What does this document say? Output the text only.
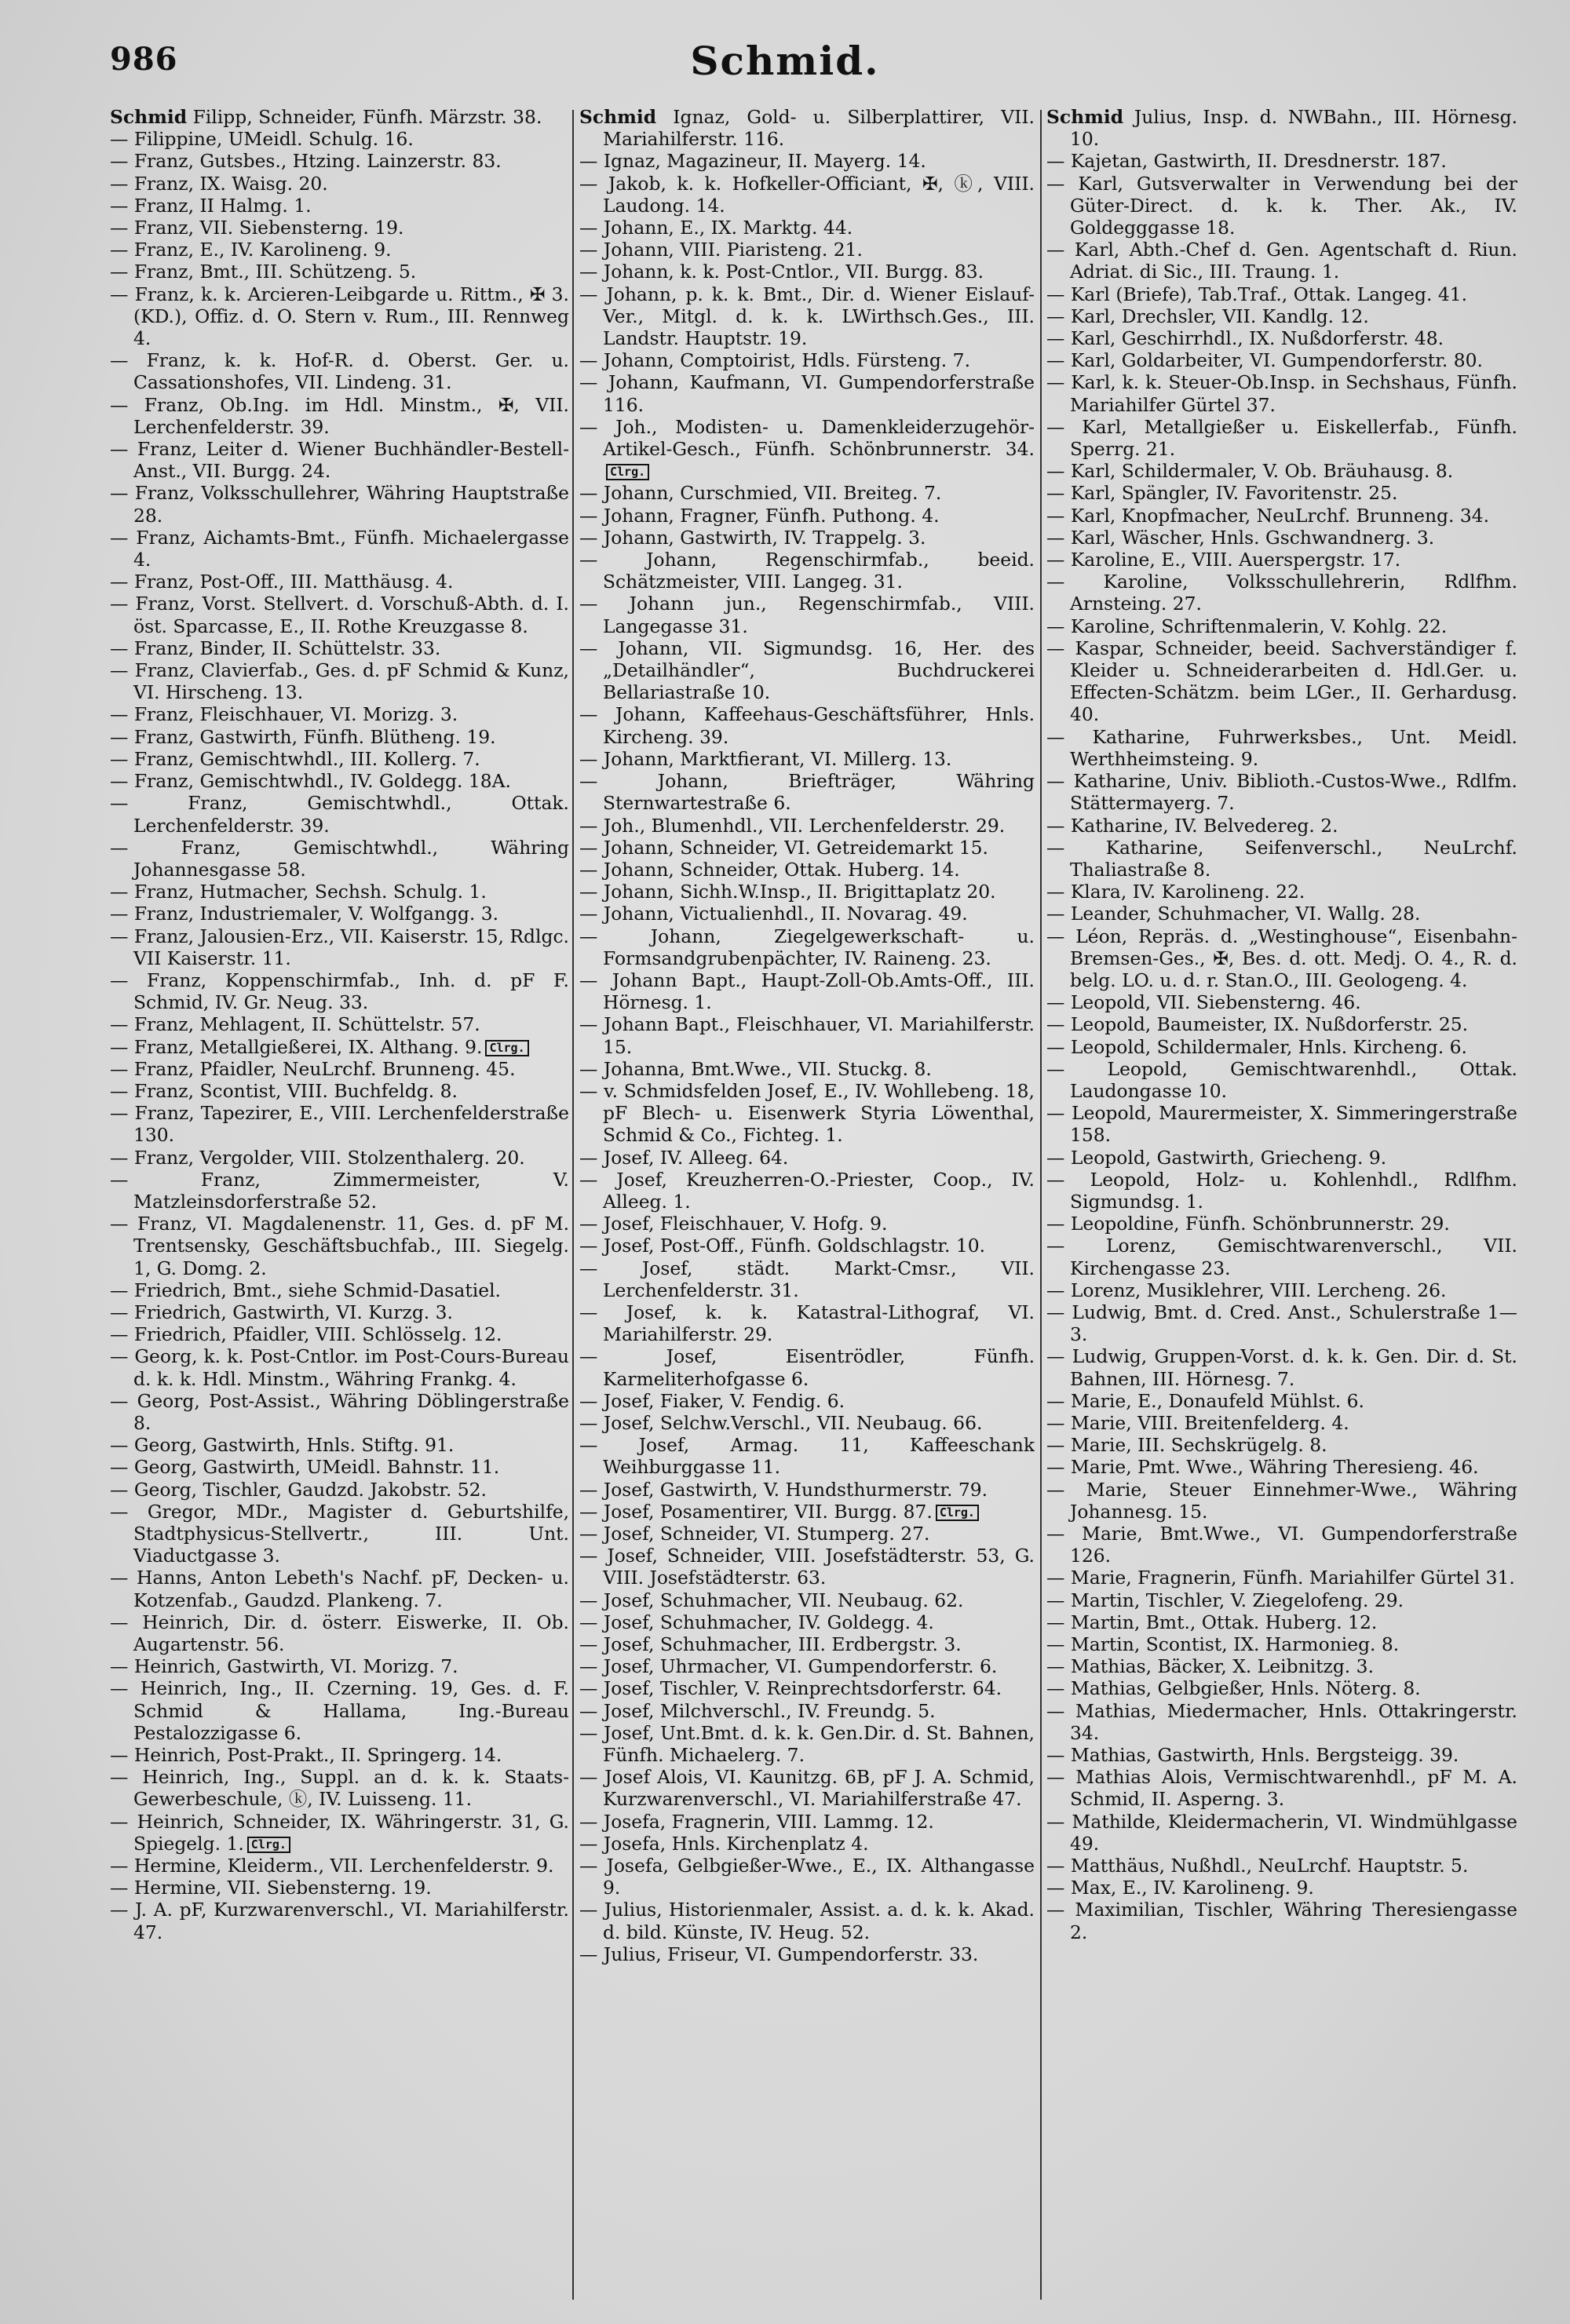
986	Schmid.

Schmid Filipp, Schneider, Fünfh. Märzstr. 38.

— Filippine, UMeidl. Schulg. 16.

— Franz, Gutsbes., Htzing. Lainzerstr. 83.

— Franz, IX. Waisg. 20.

— Franz, II Halmg. 1.

— Franz, VII. Siebensterng. 19.

— Franz, E., IV. Karolineng. 9.

— Franz, Bmt., III. Schützeng. 5.

— Franz, k. k. Arcieren-Leibgarde u. Rittm., ✠ 3. (KD.), Offiz. d. O. Stern v. Rum., III. Rennweg 4.

— Franz, k. k. Hof-R. d. Oberst. Ger. u. Cassationshofes, VII. Lindeng. 31.

— Franz, Ob.Ing. im Hdl. Minstm., ✠, VII. Lerchenfelderstr. 39.

— Franz, Leiter d. Wiener Buchhändler-Bestell-Anst., VII. Burgg. 24.

— Franz, Volksschullehrer, Währing Hauptstraße 28.

— Franz, Aichamts-Bmt., Fünfh. Michaelergasse 4.

— Franz, Post-Off., III. Matthäusg. 4.

— Franz, Vorst. Stellvert. d. Vorschuß-Abth. d. I. öst. Sparcasse, E., II. Rothe Kreuzgasse 8.

— Franz, Binder, II. Schüttelstr. 33.

— Franz, Clavierfab., Ges. d. pF Schmid & Kunz, VI. Hirscheng. 13.

— Franz, Fleischhauer, VI. Morizg. 3.

— Franz, Gastwirth, Fünfh. Blütheng. 19.

— Franz, Gemischtwhdl., III. Kollerg. 7.

— Franz, Gemischtwhdl., IV. Goldegg. 18A.

— Franz, Gemischtwhdl., Ottak. Lerchenfelderstr. 39.

— Franz, Gemischtwhdl., Währing Johannesgasse 58.

— Franz, Hutmacher, Sechsh. Schulg. 1.

— Franz, Industriemaler, V. Wolfgangg. 3.

— Franz, Jalousien-Erz., VII. Kaiserstr. 15, Rdlgc. VII Kaiserstr. 11.

— Franz, Koppenschirmfab., Inh. d. pF F. Schmid, IV. Gr. Neug. 33.

— Franz, Mehlagent, II. Schüttelstr. 57.

— Franz, Metallgießerei, IX. Althang. 9. Clrg.

— Franz, Pfaidler, NeuLrchf. Brunneng. 45.

— Franz, Scontist, VIII. Buchfeldg. 8.

— Franz, Tapezirer, E., VIII. Lerchenfelderstraße 130.

— Franz, Vergolder, VIII. Stolzenthalerg. 20.

— Franz, Zimmermeister, V. Matzleinsdorferstraße 52.

— Franz, VI. Magdalenenstr. 11, Ges. d. pF M. Trentsensky, Geschäftsbuchfab., III. Siegelg. 1, G. Domg. 2.

— Friedrich, Bmt., siehe Schmid-Dasatiel.

— Friedrich, Gastwirth, VI. Kurzg. 3.

— Friedrich, Pfaidler, VIII. Schlösselg. 12.

— Georg, k. k. Post-Cntlor. im Post-Cours-Bureau d. k. k. Hdl. Minstm., Währing Frankg. 4.

— Georg, Post-Assist., Währing Döblingerstraße 8.

— Georg, Gastwirth, Hnls. Stiftg. 91.

— Georg, Gastwirth, UMeidl. Bahnstr. 11.

— Georg, Tischler, Gaudzd. Jakobstr. 52.

— Gregor, MDr., Magister d. Geburtshilfe, Stadtphysicus-Stellvertr., III. Unt. Viaductgasse 3.

— Hanns, Anton Lebeth's Nachf. pF, Decken- u. Kotzenfab., Gaudzd. Plankeng. 7.

— Heinrich, Dir. d. österr. Eiswerke, II. Ob. Augartenstr. 56.

— Heinrich, Gastwirth, VI. Morizg. 7.

— Heinrich, Ing., II. Czerning. 19, Ges. d. F. Schmid & Hallama, Ing.-Bureau Pestalozzigasse 6.

— Heinrich, Post-Prakt., II. Springerg. 14.

— Heinrich, Ing., Suppl. an d. k. k. Staats-Gewerbeschule, ⓚ, IV. Luisseng. 11.

— Heinrich, Schneider, IX. Währingerstr. 31, G. Spiegelg. 1. Clrg.

— Hermine, Kleiderm., VII. Lerchenfelderstr. 9.

— Hermine, VII. Siebensterng. 19.

— J. A. pF, Kurzwarenverschl., VI. Mariahilferstr. 47.

Schmid Ignaz, Gold- u. Silberplattirer, VII. Mariahilferstr. 116.

— Ignaz, Magazineur, II. Mayerg. 14.

— Jakob, k. k. Hofkeller-Officiant, ✠, ⓚ, VIII. Laudong. 14.

— Johann, E., IX. Marktg. 44.

— Johann, VIII. Piaristeng. 21.

— Johann, k. k. Post-Cntlor., VII. Burgg. 83.

— Johann, p. k. k. Bmt., Dir. d. Wiener Eislauf-Ver., Mitgl. d. k. k. LWirthsch.Ges., III. Landstr. Hauptstr. 19.

— Johann, Comptoirist, Hdls. Fürsteng. 7.

— Johann, Kaufmann, VI. Gumpendorferstraße 116.

— Joh., Modisten- u. Damenkleiderzugehör-Artikel-Gesch., Fünfh. Schönbrunnerstr. 34.Clrg.

— Johann, Curschmied, VII. Breiteg. 7.

— Johann, Fragner, Fünfh. Puthong. 4.

— Johann, Gastwirth, IV. Trappelg. 3.

— Johann, Regenschirmfab., beeid. Schätzmeister, VIII. Langeg. 31.

— Johann jun., Regenschirmfab., VIII. Langegasse 31.

— Johann, VII. Sigmundsg. 16, Her. des „Detailhändler“, Buchdruckerei Bellariastraße 10.

— Johann, Kaffeehaus-Geschäftsführer, Hnls. Kircheng. 39.

— Johann, Marktfierant, VI. Millerg. 13.

— Johann, Briefträger, Währing Sternwartestraße 6.

— Joh., Blumenhdl., VII. Lerchenfelderstr. 29.

— Johann, Schneider, VI. Getreidemarkt 15.

— Johann, Schneider, Ottak. Huberg. 14.

— Johann, Sichh.W.Insp., II. Brigittaplatz 20.

— Johann, Victualienhdl., II. Novarag. 49.

— Johann, Ziegelgewerkschaft- u. Formsandgrubenpächter, IV. Raineng. 23.

— Johann Bapt., Haupt-Zoll-Ob.Amts-Off., III. Hörnesg. 1.

— Johann Bapt., Fleischhauer, VI. Mariahilferstr. 15.

— Johanna, Bmt.Wwe., VII. Stuckg. 8.

— v. Schmidsfelden Josef, E., IV. Wohllebeng. 18, pF Blech- u. Eisenwerk Styria Löwenthal, Schmid & Co., Fichteg. 1.

— Josef, IV. Alleeg. 64.

— Josef, Kreuzherren-O.-Priester, Coop., IV. Alleeg. 1.

— Josef, Fleischhauer, V. Hofg. 9.

— Josef, Post-Off., Fünfh. Goldschlagstr. 10.

— Josef, städt. Markt-Cmsr., VII. Lerchenfelderstr. 31.

— Josef, k. k. Katastral-Lithograf, VI. Mariahilferstr. 29.

— Josef, Eisentrödler, Fünfh. Karmeliterhofgasse 6.

— Josef, Fiaker, V. Fendig. 6.

— Josef, Selchw.Verschl., VII. Neubaug. 66.

— Josef, Armag. 11, Kaffeeschank Weihburggasse 11.

— Josef, Gastwirth, V. Hundsthurmerstr. 79.

— Josef, Posamentirer, VII. Burgg. 87. Clrg.

— Josef, Schneider, VI. Stumperg. 27.

— Josef, Schneider, VIII. Josefstädterstr. 53, G. VIII. Josefstädterstr. 63.

— Josef, Schuhmacher, VII. Neubaug. 62.

— Josef, Schuhmacher, IV. Goldegg. 4.

— Josef, Schuhmacher, III. Erdbergstr. 3.

— Josef, Uhrmacher, VI. Gumpendorferstr. 6.

— Josef, Tischler, V. Reinprechtsdorferstr. 64.

— Josef, Milchverschl., IV. Freundg. 5.

— Josef, Unt.Bmt. d. k. k. Gen.Dir. d. St. Bahnen, Fünfh. Michaelerg. 7.

— Josef Alois, VI. Kaunitzg. 6B, pF J. A. Schmid, Kurzwarenverschl., VI. Mariahilferstraße 47.

— Josefa, Fragnerin, VIII. Lammg. 12.

— Josefa, Hnls. Kirchenplatz 4.

— Josefa, Gelbgießer-Wwe., E., IX. Althangasse 9.

— Julius, Historienmaler, Assist. a. d. k. k. Akad. d. bild. Künste, IV. Heug. 52.

— Julius, Friseur, VI. Gumpendorferstr. 33.

Schmid Julius, Insp. d. NWBahn., III. Hörnesg. 10.

— Kajetan, Gastwirth, II. Dresdnerstr. 187.

— Karl, Gutsverwalter in Verwendung bei der Güter-Direct. d. k. k. Ther. Ak., IV. Goldegggasse 18.

— Karl, Abth.-Chef d. Gen. Agentschaft d. Riun. Adriat. di Sic., III. Traung. 1.

— Karl (Briefe), Tab.Traf., Ottak. Langeg. 41.

— Karl, Drechsler, VII. Kandlg. 12.

— Karl, Geschirrhdl., IX. Nußdorferstr. 48.

— Karl, Goldarbeiter, VI. Gumpendorferstr. 80.

— Karl, k. k. Steuer-Ob.Insp. in Sechshaus, Fünfh. Mariahilfer Gürtel 37.

— Karl, Metallgießer u. Eiskellerfab., Fünfh. Sperrg. 21.

— Karl, Schildermaler, V. Ob. Bräuhausg. 8.

— Karl, Spängler, IV. Favoritenstr. 25.

— Karl, Knopfmacher, NeuLrchf. Brunneng. 34.

— Karl, Wäscher, Hnls. Gschwandnerg. 3.

— Karoline, E., VIII. Auerspergstr. 17.

— Karoline, Volksschullehrerin, Rdlfhm. Arnsteing. 27.

— Karoline, Schriftenmalerin, V. Kohlg. 22.

— Kaspar, Schneider, beeid. Sachverständiger f. Kleider u. Schneiderarbeiten d. Hdl.Ger. u. Effecten-Schätzm. beim LGer., II. Gerhardusg. 40.

— Katharine, Fuhrwerksbes., Unt. Meidl. Werthheimsteing. 9.

— Katharine, Univ. Biblioth.-Custos-Wwe., Rdlfm. Stättermayerg. 7.

— Katharine, IV. Belvedereg. 2.

— Katharine, Seifenverschl., NeuLrchf. Thaliastraße 8.

— Klara, IV. Karolineng. 22.

— Leander, Schuhmacher, VI. Wallg. 28.

— Léon, Repräs. d. „Westinghouse“, Eisenbahn-Bremsen-Ges., ✠, Bes. d. ott. Medj. O. 4., R. d. belg. LO. u. d. r. Stan.O., III. Geologeng. 4.

— Leopold, VII. Siebensterng. 46.

— Leopold, Baumeister, IX. Nußdorferstr. 25.

— Leopold, Schildermaler, Hnls. Kircheng. 6.

— Leopold, Gemischtwarenhdl., Ottak. Laudongasse 10.

— Leopold, Maurermeister, X. Simmeringerstraße 158.

— Leopold, Gastwirth, Griecheng. 9.

— Leopold, Holz- u. Kohlenhdl., Rdlfhm. Sigmundsg. 1.

— Leopoldine, Fünfh. Schönbrunnerstr. 29.

— Lorenz, Gemischtwarenverschl., VII. Kirchengasse 23.

— Lorenz, Musiklehrer, VIII. Lercheng. 26.

— Ludwig, Bmt. d. Cred. Anst., Schulerstraße 1—3.

— Ludwig, Gruppen-Vorst. d. k. k. Gen. Dir. d. St. Bahnen, III. Hörnesg. 7.

— Marie, E., Donaufeld Mühlst. 6.

— Marie, VIII. Breitenfelderg. 4.

— Marie, III. Sechskrügelg. 8.

— Marie, Pmt. Wwe., Währing Theresieng. 46.

— Marie, Steuer Einnehmer-Wwe., Währing Johannesg. 15.

— Marie, Bmt.Wwe., VI. Gumpendorferstraße 126.

— Marie, Fragnerin, Fünfh. Mariahilfer Gürtel 31.

— Martin, Tischler, V. Ziegelofeng. 29.

— Martin, Bmt., Ottak. Huberg. 12.

— Martin, Scontist, IX. Harmonieg. 8.

— Mathias, Bäcker, X. Leibnitzg. 3.

— Mathias, Gelbgießer, Hnls. Nöterg. 8.

— Mathias, Miedermacher, Hnls. Ottakringerstr. 34.

— Mathias, Gastwirth, Hnls. Bergsteigg. 39.

— Mathias Alois, Vermischtwarenhdl., pF M. A. Schmid, II. Asperng. 3.

— Mathilde, Kleidermacherin, VI. Windmühlgasse 49.

— Matthäus, Nußhdl., NeuLrchf. Hauptstr. 5.

— Max, E., IV. Karolineng. 9.

— Maximilian, Tischler, Währing Theresiengasse 2.
